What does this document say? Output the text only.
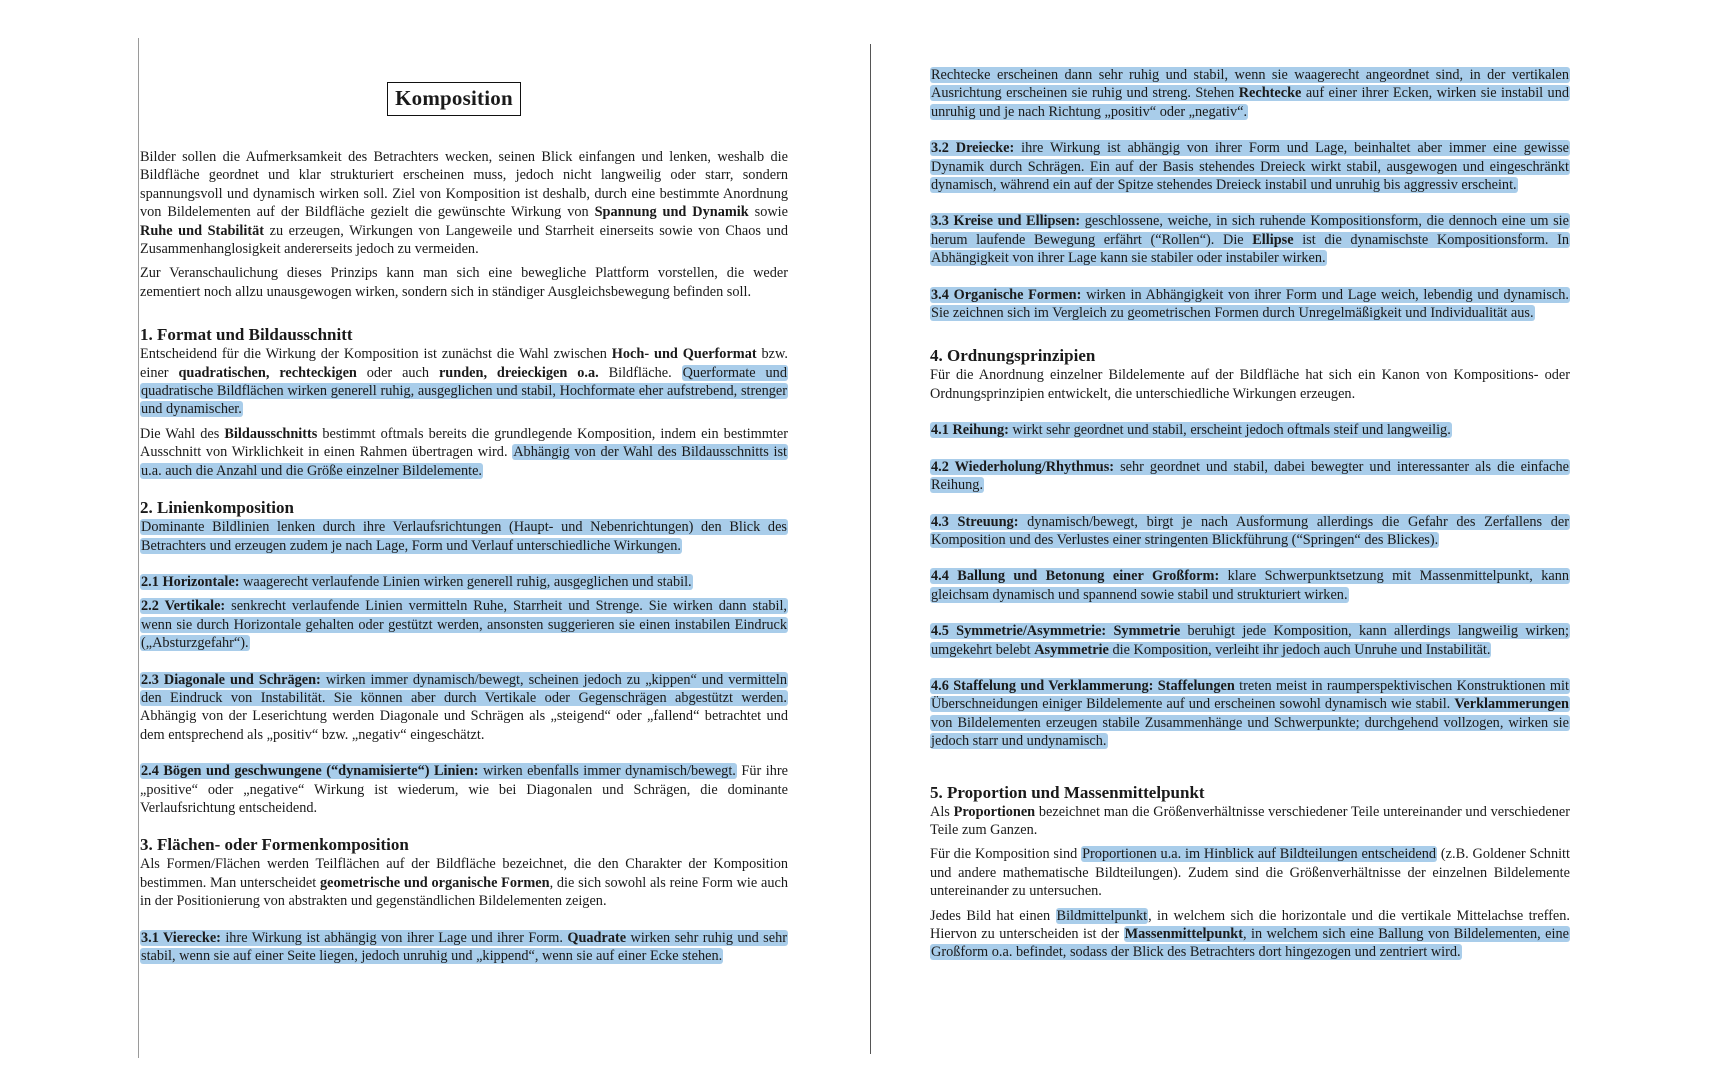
Komposition

Bilder sollen die Aufmerksamkeit des Betrachters wecken, seinen Blick einfangen und lenken, weshalb die Bildfläche geordnet und klar strukturiert erscheinen muss, jedoch nicht langweilig oder starr, sondern spannungsvoll und dynamisch wirken soll. Ziel von Komposition ist deshalb, durch eine bestimmte Anordnung von Bildelementen auf der Bildfläche gezielt die gewünschte Wirkung von Spannung und Dynamik sowie Ruhe und Stabilität zu erzeugen, Wirkungen von Langeweile und Starrheit einerseits sowie von Chaos und Zusammenhanglosigkeit andererseits jedoch zu vermeiden.

Zur Veranschaulichung dieses Prinzips kann man sich eine bewegliche Plattform vorstellen, die weder zementiert noch allzu unausgewogen wirken, sondern sich in ständiger Ausgleichsbewegung befinden soll.

1. Format und Bildausschnitt

Entscheidend für die Wirkung der Komposition ist zunächst die Wahl zwischen Hoch- und Querformat bzw. einer quadratischen, rechteckigen oder auch runden, dreieckigen o.a. Bildfläche. Querformate und quadratische Bildflächen wirken generell ruhig, ausgeglichen und stabil, Hochformate eher aufstrebend, strenger und dynamischer.

Die Wahl des Bildausschnitts bestimmt oftmals bereits die grundlegende Komposition, indem ein bestimmter Ausschnitt von Wirklichkeit in einen Rahmen übertragen wird. Abhängig von der Wahl des Bildausschnitts ist u.a. auch die Anzahl und die Größe einzelner Bildelemente.

2. Linienkomposition

Dominante Bildlinien lenken durch ihre Verlaufsrichtungen (Haupt- und Nebenrichtungen) den Blick des Betrachters und erzeugen zudem je nach Lage, Form und Verlauf unterschiedliche Wirkungen.

2.1 Horizontale: waagerecht verlaufende Linien wirken generell ruhig, ausgeglichen und stabil.

2.2 Vertikale: senkrecht verlaufende Linien vermitteln Ruhe, Starrheit und Strenge. Sie wirken dann stabil, wenn sie durch Horizontale gehalten oder gestützt werden, ansonsten suggerieren sie einen instabilen Eindruck („Absturzgefahr“).

2.3 Diagonale und Schrägen: wirken immer dynamisch/bewegt, scheinen jedoch zu „kippen“ und vermitteln den Eindruck von Instabilität. Sie können aber durch Vertikale oder Gegenschrägen abgestützt werden. Abhängig von der Leserichtung werden Diagonale und Schrägen als „steigend“ oder „fallend“ betrachtet und dem entsprechend als „positiv“ bzw. „negativ“ eingeschätzt.

2.4 Bögen und geschwungene (“dynamisierte“) Linien: wirken ebenfalls immer dynamisch/bewegt. Für ihre „positive“ oder „negative“ Wirkung ist wiederum, wie bei Diagonalen und Schrägen, die dominante Verlaufsrichtung entscheidend.

3. Flächen- oder Formenkomposition

Als Formen/Flächen werden Teilflächen auf der Bildfläche bezeichnet, die den Charakter der Komposition bestimmen. Man unterscheidet geometrische und organische Formen, die sich sowohl als reine Form wie auch in der Positionierung von abstrakten und gegenständlichen Bildelementen zeigen.

3.1 Vierecke: ihre Wirkung ist abhängig von ihrer Lage und ihrer Form. Quadrate wirken sehr ruhig und sehr stabil, wenn sie auf einer Seite liegen, jedoch unruhig und „kippend“, wenn sie auf einer Ecke stehen.

Rechtecke erscheinen dann sehr ruhig und stabil, wenn sie waagerecht angeordnet sind, in der vertikalen Ausrichtung erscheinen sie ruhig und streng. Stehen Rechtecke auf einer ihrer Ecken, wirken sie instabil und unruhig und je nach Richtung „positiv“ oder „negativ“.

3.2 Dreiecke: ihre Wirkung ist abhängig von ihrer Form und Lage, beinhaltet aber immer eine gewisse Dynamik durch Schrägen. Ein auf der Basis stehendes Dreieck wirkt stabil, ausgewogen und eingeschränkt dynamisch, während ein auf der Spitze stehendes Dreieck instabil und unruhig bis aggressiv erscheint.

3.3 Kreise und Ellipsen: geschlossene, weiche, in sich ruhende Kompositionsform, die dennoch eine um sie herum laufende Bewegung erfährt (“Rollen“). Die Ellipse ist die dynamischste Kompositionsform. In Abhängigkeit von ihrer Lage kann sie stabiler oder instabiler wirken.

3.4 Organische Formen: wirken in Abhängigkeit von ihrer Form und Lage weich, lebendig und dynamisch. Sie zeichnen sich im Vergleich zu geometrischen Formen durch Unregelmäßigkeit und Individualität aus.

4. Ordnungsprinzipien

Für die Anordnung einzelner Bildelemente auf der Bildfläche hat sich ein Kanon von Kompositions- oder Ordnungsprinzipien entwickelt, die unterschiedliche Wirkungen erzeugen.

4.1 Reihung: wirkt sehr geordnet und stabil, erscheint jedoch oftmals steif und langweilig.

4.2 Wiederholung/Rhythmus: sehr geordnet und stabil, dabei bewegter und interessanter als die einfache Reihung.

4.3 Streuung: dynamisch/bewegt, birgt je nach Ausformung allerdings die Gefahr des Zerfallens der Komposition und des Verlustes einer stringenten Blickführung (“Springen“ des Blickes).

4.4 Ballung und Betonung einer Großform: klare Schwerpunktsetzung mit Massenmittelpunkt, kann gleichsam dynamisch und spannend sowie stabil und strukturiert wirken.

4.5 Symmetrie/Asymmetrie: Symmetrie beruhigt jede Komposition, kann allerdings langweilig wirken; umgekehrt belebt Asymmetrie die Komposition, verleiht ihr jedoch auch Unruhe und Instabilität.

4.6 Staffelung und Verklammerung: Staffelungen treten meist in raumperspektivischen Konstruktionen mit Überschneidungen einiger Bildelemente auf und erscheinen sowohl dynamisch wie stabil. Verklammerungen von Bildelementen erzeugen stabile Zusammenhänge und Schwerpunkte; durchgehend vollzogen, wirken sie jedoch starr und undynamisch.

5. Proportion und Massenmittelpunkt

Als Proportionen bezeichnet man die Größenverhältnisse verschiedener Teile untereinander und verschiedener Teile zum Ganzen.

Für die Komposition sind Proportionen u.a. im Hinblick auf Bildteilungen entscheidend (z.B. Goldener Schnitt und andere mathematische Bildteilungen). Zudem sind die Größenverhältnisse der einzelnen Bildelemente untereinander zu untersuchen.

Jedes Bild hat einen Bildmittelpunkt, in welchem sich die horizontale und die vertikale Mittelachse treffen. Hiervon zu unterscheiden ist der Massenmittelpunkt, in welchem sich eine Ballung von Bildelementen, eine Großform o.a. befindet, sodass der Blick des Betrachters dort hingezogen und zentriert wird.
